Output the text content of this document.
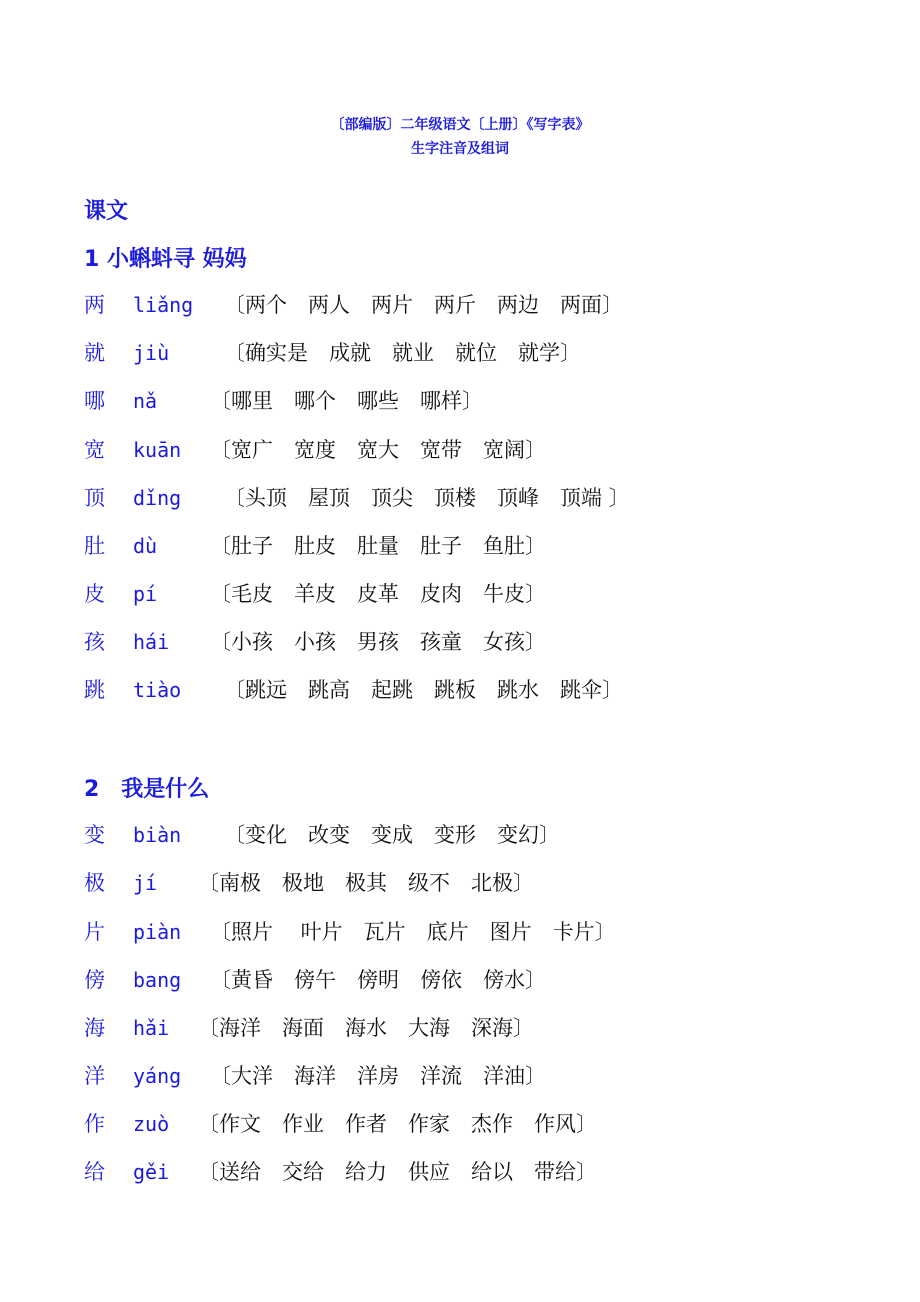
〔部编版〕二年级语文〔上册〕《写字表》
生字注音及组词
课文
1 小蝌蚪寻 妈妈
两 liǎng 〔两个　两人　两片　两斤　两边　两面〕
就 jiù	〔确实是　成就　就业　就位　就学〕
哪 nǎ	〔哪里　哪个　哪些　哪样〕
宽 kuān 〔宽广　宽度　宽大　宽带　宽阔〕
顶 dǐng 〔头顶　屋顶　顶尖　顶楼　顶峰　顶端 〕
肚 dù	〔肚子　肚皮　肚量　肚子　鱼肚〕
皮 pí	〔毛皮　羊皮　皮革　皮肉　牛皮〕
孩 hái 〔小孩　小孩　男孩　孩童　女孩〕
跳 tiào 〔跳远　跳高　起跳　跳板　跳水　跳伞〕
2　我是什么
变 biàn 〔变化　改变　变成　变形　变幻〕
极 jí 〔南极　极地　极其　级不　北极〕
片 piàn 〔照片　 叶片　瓦片　底片　图片　卡片〕
傍 bang 〔黄昏　傍午　傍明　傍依　傍水〕
海 hǎi 〔海洋　海面　海水　大海　深海〕
洋 yáng 〔大洋　海洋　洋房　洋流　洋油〕
作 zuò 〔作文　作业　作者　作家　杰作　作风〕
给 gěi 〔送给　交给　给力　供应　给以　带给〕
